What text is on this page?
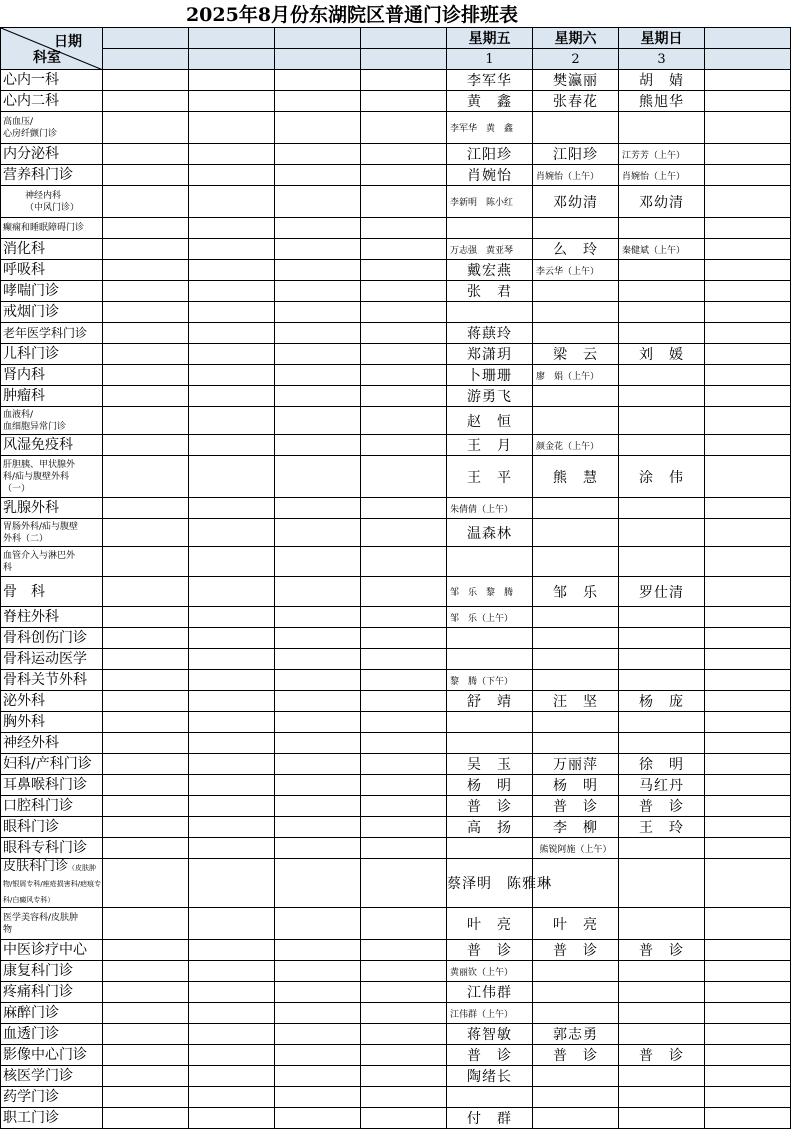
2025年8月份东湖院区普通门诊排班表
日期
科室					星期五	星期六	星期日	
					1	2	3	
心内一科					李军华	樊瀛丽	胡　婧	
心内二科					黄　鑫	张春花	熊旭华	
高血压/
心房纤颤门诊					李军华　黄　鑫			
内分泌科					江阳珍	江阳珍	江芳芳（上午）	
营养科门诊					肖婉怡	肖婉怡（上午）	肖婉怡（上午）	
神经内科
（中风门诊）					李新明　陈小红	邓幼清	邓幼清	
癫痫和睡眠障碍门诊								
消化科					万志强　黄亚琴	么　玲	秦健斌（上午）	
呼吸科					戴宏燕	李云华（上午）		
哮喘门诊					张　君			
戒烟门诊								
老年医学科门诊					蒋蕻玲			
儿科门诊					郑潇玥	梁　云	刘　媛	
肾内科					卜珊珊	廖　娟（上午）		
肿瘤科					游勇飞			
血液科/
血细胞异常门诊					赵　恒			
风湿免疫科					王　月	颜金花（上午）		
肝胆胰、甲状腺外
科/疝与腹壁外科
（一）					王　平	熊　慧	涂　伟	
乳腺外科					朱倩倩（上午）			
胃肠外科/疝与腹壁
外科（二）					温森林			
血管介入与淋巴外
科								
骨　科					邹　乐　黎　腾	邹　乐	罗仕清	
脊柱外科					邹　乐（上午）			
骨科创伤门诊								
骨科运动医学								
骨科关节外科					黎　腾（下午）			
泌外科					舒　靖	汪　坚	杨　庞	
胸外科								
神经外科								
妇科/产科门诊					吴　玉	万丽萍	徐　明	
耳鼻喉科门诊					杨　明	杨　明	马红丹	
口腔科门诊					普　诊	普　诊	普　诊	
眼科门诊					高　扬	李　柳	王　玲	
眼科专科门诊						熊锐阿施（上午）		
皮肤科门诊（皮肤肿物/银屑专科/痤疮损害科/疤痕专科/白癜风专科）					蔡泽明　陈雅琳			
医学美容科/皮肤肿
物					叶　亮	叶　亮		
中医诊疗中心					普　诊	普　诊	普　诊	
康复科门诊					黄丽钦（上午）			
疼痛科门诊					江伟群			
麻醉门诊					江伟群（上午）			
血透门诊					蒋智敏	郭志勇		
影像中心门诊					普　诊	普　诊	普　诊	
核医学门诊					陶绪长			
药学门诊								
职工门诊					付　群			
